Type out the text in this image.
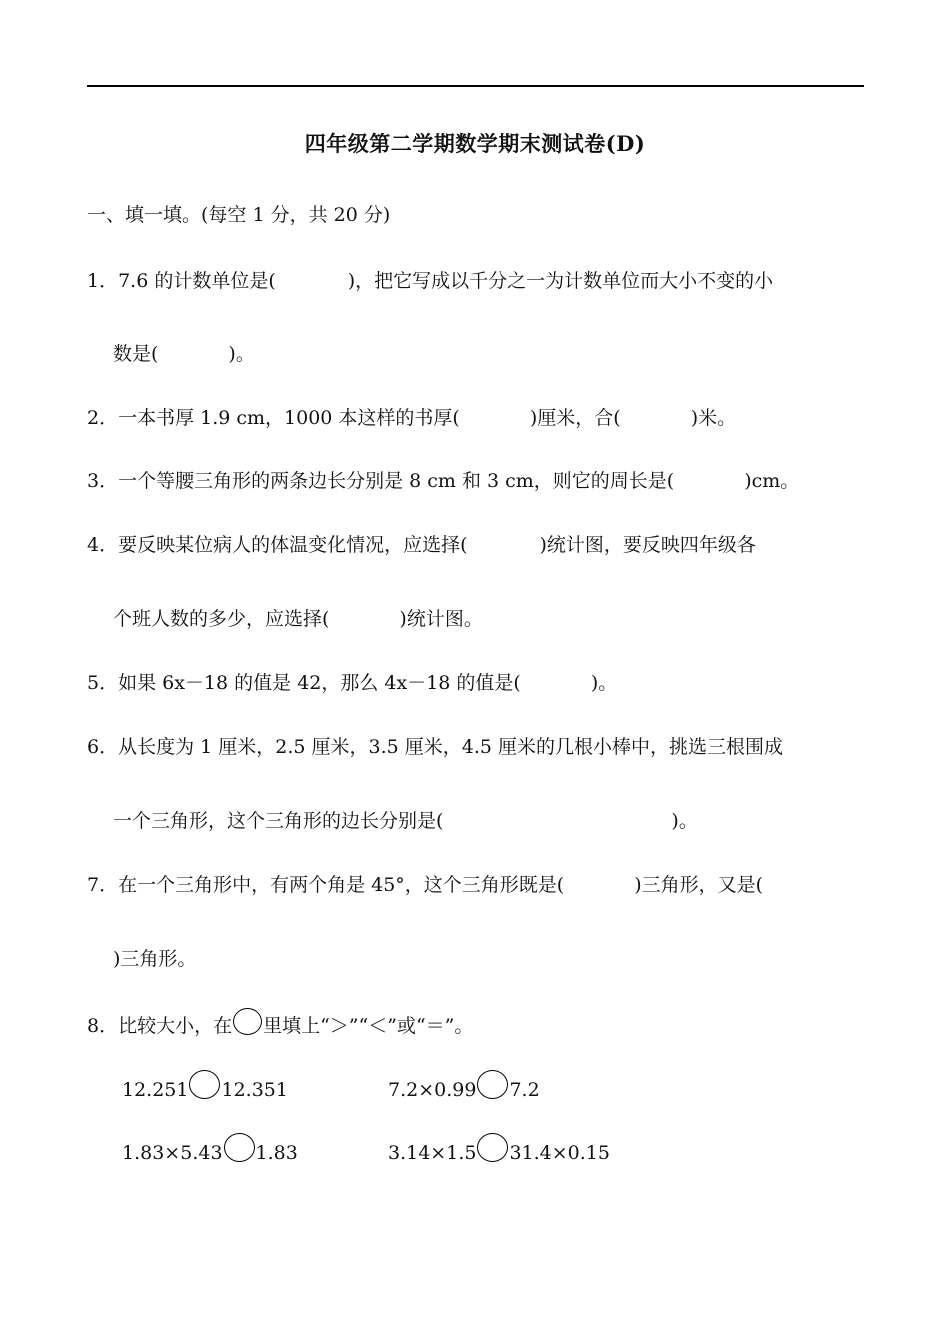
四年级第二学期数学期末测试卷(D)
一、填一填。(每空 1 分，共 20 分)
1．7.6 的计数单位是(	)，把它写成以千分之一为计数单位而大小不变的小
数是(	)。
2．一本书厚 1.9 cm，1000 本这样的书厚(	)厘米，合(	)米。
3．一个等腰三角形的两条边长分别是 8 cm 和 3 cm，则它的周长是(	)cm。
4．要反映某位病人的体温变化情况，应选择(	)统计图，要反映四年级各
个班人数的多少，应选择(	)统计图。
5．如果 6x－18 的值是 42，那么 4x－18 的值是(	)。
6．从长度为 1 厘米，2.5 厘米，3.5 厘米，4.5 厘米的几根小棒中，挑选三根围成
一个三角形，这个三角形的边长分别是(	)。
7．在一个三角形中，有两个角是 45°，这个三角形既是(	)三角形，又是(
)三角形。
8．比较大小，在 里填上“＞”“＜”或“＝”。
12.251 12.351	7.2×0.99 7.2
1.83×5.43 1.83	3.14×1.5 31.4×0.15
